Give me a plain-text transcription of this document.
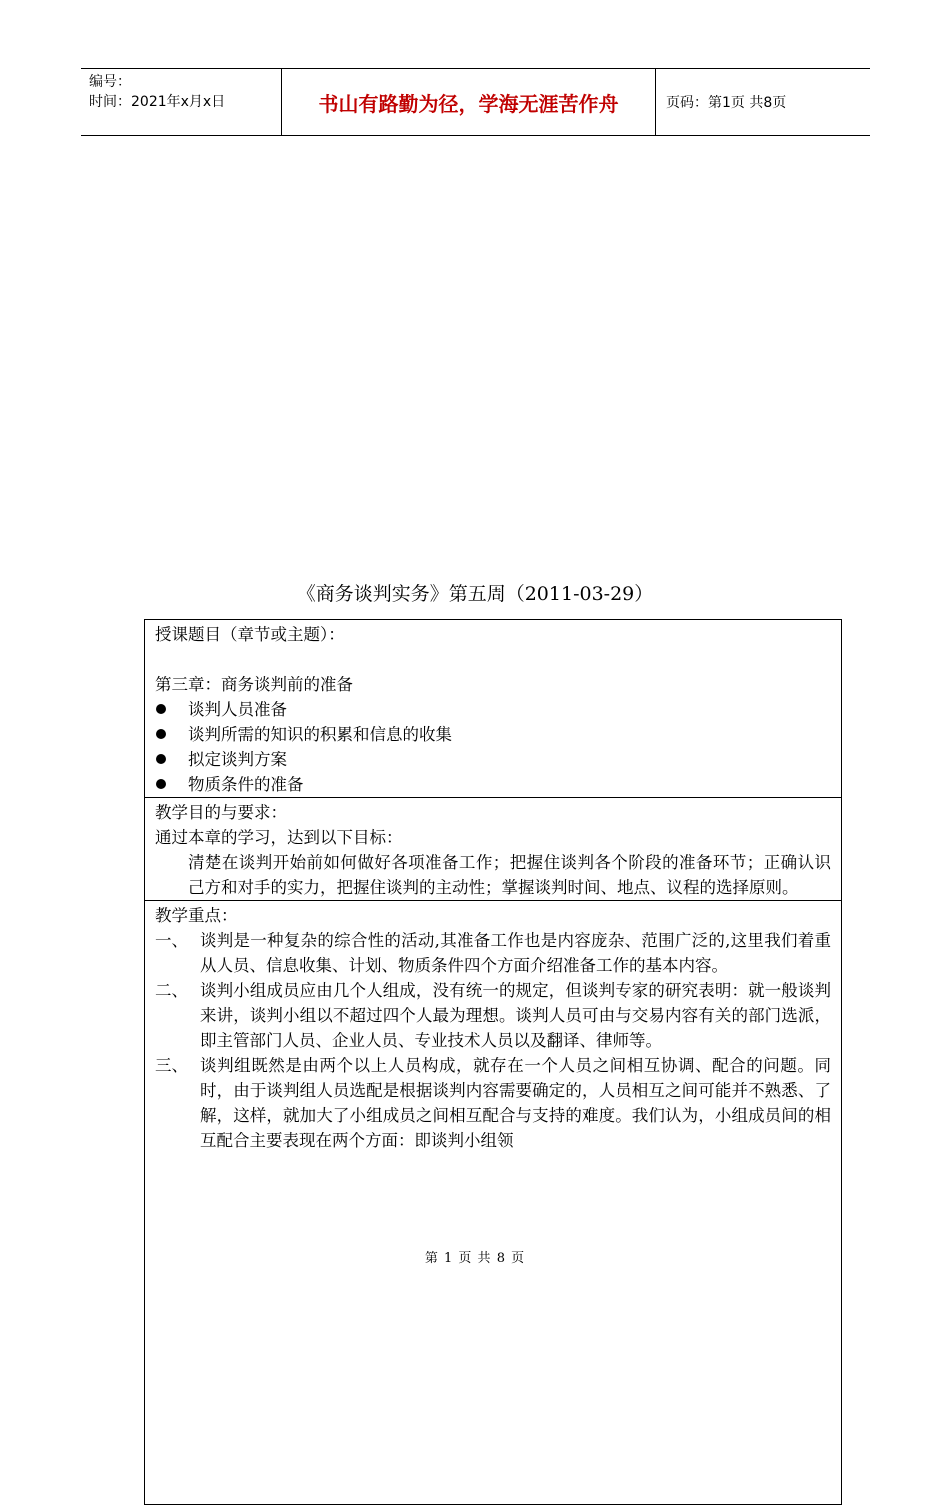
编号：
时间：2021年x月x日	书山有路勤为径，学海无涯苦作舟	页码：第1页 共8页
《商务谈判实务》第五周（2011-03-29）
授课题目（章节或主题）：
第三章：商务谈判前的准备
谈判人员准备
谈判所需的知识的积累和信息的收集
拟定谈判方案
物质条件的准备
教学目的与要求：
通过本章的学习，达到以下目标：
清楚在谈判开始前如何做好各项准备工作；把握住谈判各个阶段的准备环节；正确认识己方和对手的实力，把握住谈判的主动性；掌握谈判时间、地点、议程的选择原则。
教学重点：
一、 谈判是一种复杂的综合性的活动,其准备工作也是内容庞杂、范围广泛的,这里我们着重从人员、信息收集、计划、物质条件四个方面介绍准备工作的基本内容。
二、 谈判小组成员应由几个人组成，没有统一的规定，但谈判专家的研究表明：就一般谈判来讲，谈判小组以不超过四个人最为理想。谈判人员可由与交易内容有关的部门选派，即主管部门人员、企业人员、专业技术人员以及翻译、律师等。
三、 谈判组既然是由两个以上人员构成，就存在一个人员之间相互协调、配合的问题。同时，由于谈判组人员选配是根据谈判内容需要确定的，人员相互之间可能并不熟悉、了解，这样，就加大了小组成员之间相互配合与支持的难度。我们认为，小组成员间的相互配合主要表现在两个方面：即谈判小组领
第 1 页 共 8 页
